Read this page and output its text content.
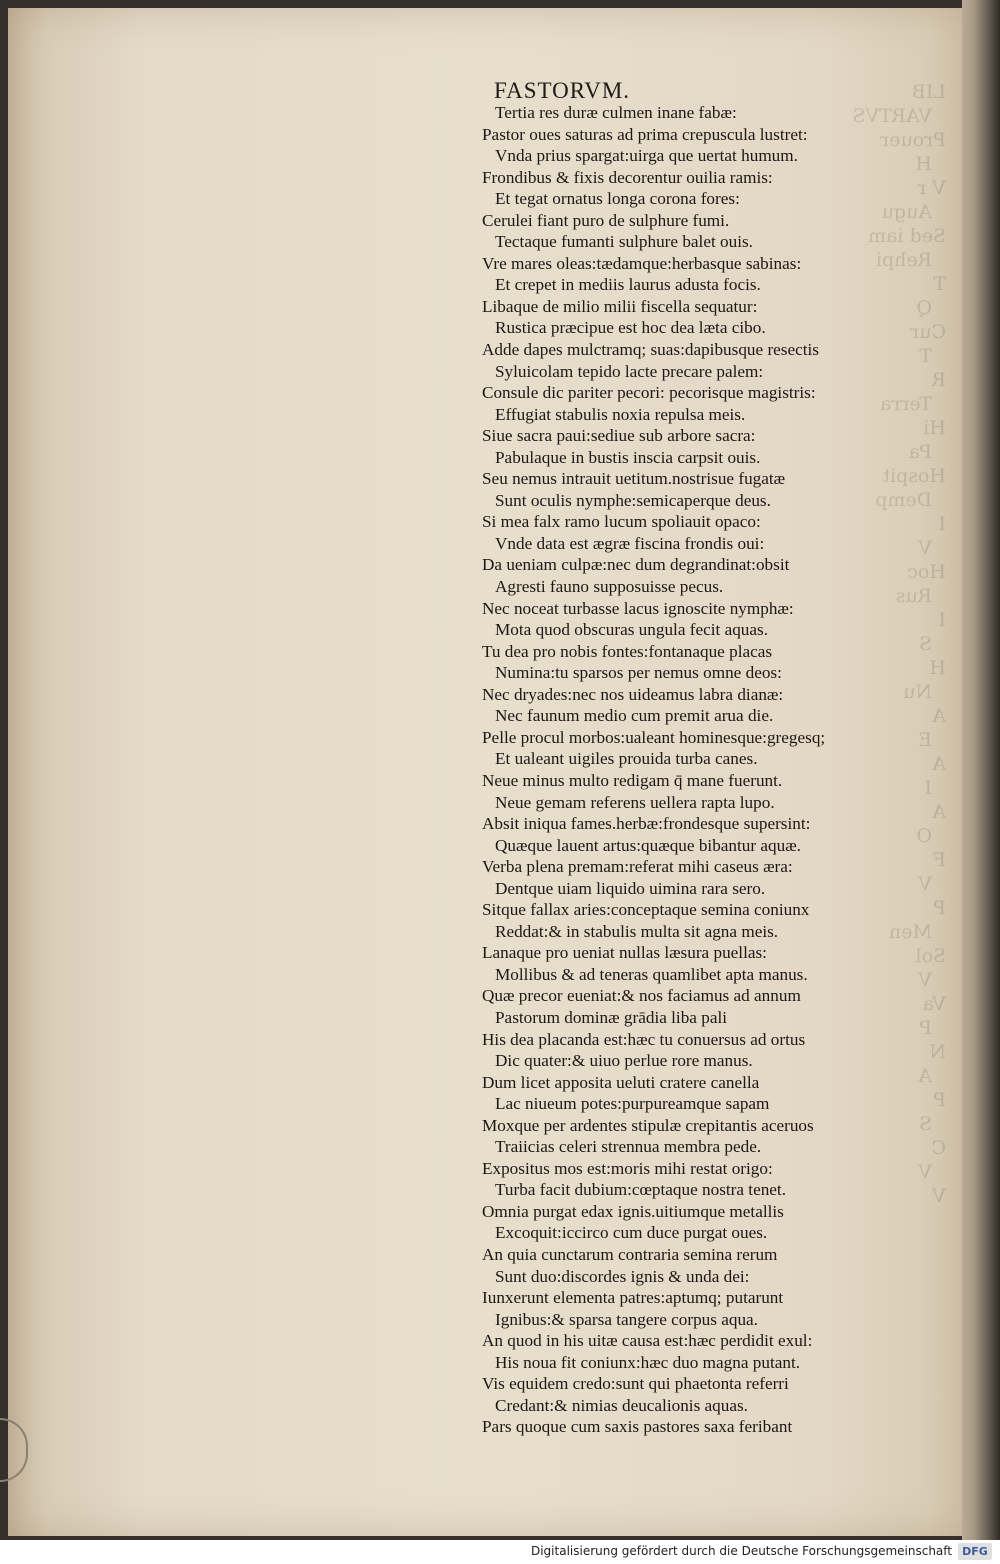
LIB
VARTVS
Prouer
H
V r
Augu
Sed iam
Rehpi
T
Q
Cur
T
R
Terra
Hi
Pa
Hospit
Demp
I
V
Hoc
Rus
I
S
H
Nu
A
E
A
I
A
O
F
V
P
Men
Sol
V
Va
P
N
A
P
S
C
V
V
FASTORVM.
Tertia res duræ culmen inane fabæ:
Pastor oues saturas ad prima crepuscula lustret:
Vnda prius spargat:uirga que uertat humum.
Frondibus & fixis decorentur ouilia ramis:
Et tegat ornatus longa corona fores:
Cerulei fiant puro de sulphure fumi.
Tectaque fumanti sulphure balet ouis.
Vre mares oleas:tædamque:herbasque sabinas:
Et crepet in mediis laurus adusta focis.
Libaque de milio milii fiscella sequatur:
Rustica præcipue est hoc dea læta cibo.
Adde dapes mulctramq; suas:dapibusque resectis
Syluicolam tepido lacte precare palem:
Consule dic pariter pecori: pecorisque magistris:
Effugiat stabulis noxia repulsa meis.
Siue sacra paui:sediue sub arbore sacra:
Pabulaque in bustis inscia carpsit ouis.
Seu nemus intrauit uetitum.nostrisue fugatæ
Sunt oculis nymphe:semicaperque deus.
Si mea falx ramo lucum spoliauit opaco:
Vnde data est ægræ fiscina frondis oui:
Da ueniam culpæ:nec dum degrandinat:obsit
Agresti fauno supposuisse pecus.
Nec noceat turbasse lacus ignoscite nymphæ:
Mota quod obscuras ungula fecit aquas.
Tu dea pro nobis fontes:fontanaque placas
Numina:tu sparsos per nemus omne deos:
Nec dryades:nec nos uideamus labra dianæ:
Nec faunum medio cum premit arua die.
Pelle procul morbos:ualeant hominesque:gregesq;
Et ualeant uigiles prouida turba canes.
Neue minus multo redigam q̄ mane fuerunt.
Neue gemam referens uellera rapta lupo.
Absit iniqua fames.herbæ:frondesque supersint:
Quæque lauent artus:quæque bibantur aquæ.
Verba plena premam:referat mihi caseus æra:
Dentque uiam liquido uimina rara sero.
Sitque fallax aries:conceptaque semina coniunx
Reddat:& in stabulis multa sit agna meis.
Lanaque pro ueniat nullas læsura puellas:
Mollibus & ad teneras quamlibet apta manus.
Quæ precor eueniat:& nos faciamus ad annum
Pastorum dominæ grādia liba pali
His dea placanda est:hæc tu conuersus ad ortus
Dic quater:& uiuo perlue rore manus.
Dum licet apposita ueluti cratere canella
Lac niueum potes:purpureamque sapam
Moxque per ardentes stipulæ crepitantis aceruos
Traiicias celeri strennua membra pede.
Expositus mos est:moris mihi restat origo:
Turba facit dubium:cœptaque nostra tenet.
Omnia purgat edax ignis.uitiumque metallis
Excoquit:iccirco cum duce purgat oues.
An quia cunctarum contraria semina rerum
Sunt duo:discordes ignis & unda dei:
Iunxerunt elementa patres:aptumq; putarunt
Ignibus:& sparsa tangere corpus aqua.
An quod in his uitæ causa est:hæc perdidit exul:
His noua fit coniunx:hæc duo magna putant.
Vis equidem credo:sunt qui phaetonta referri
Credant:& nimias deucalionis aquas.
Pars quoque cum saxis pastores saxa feribant
Digitalisierung gefördert durch die Deutsche Forschungsgemeinschaft DFG
